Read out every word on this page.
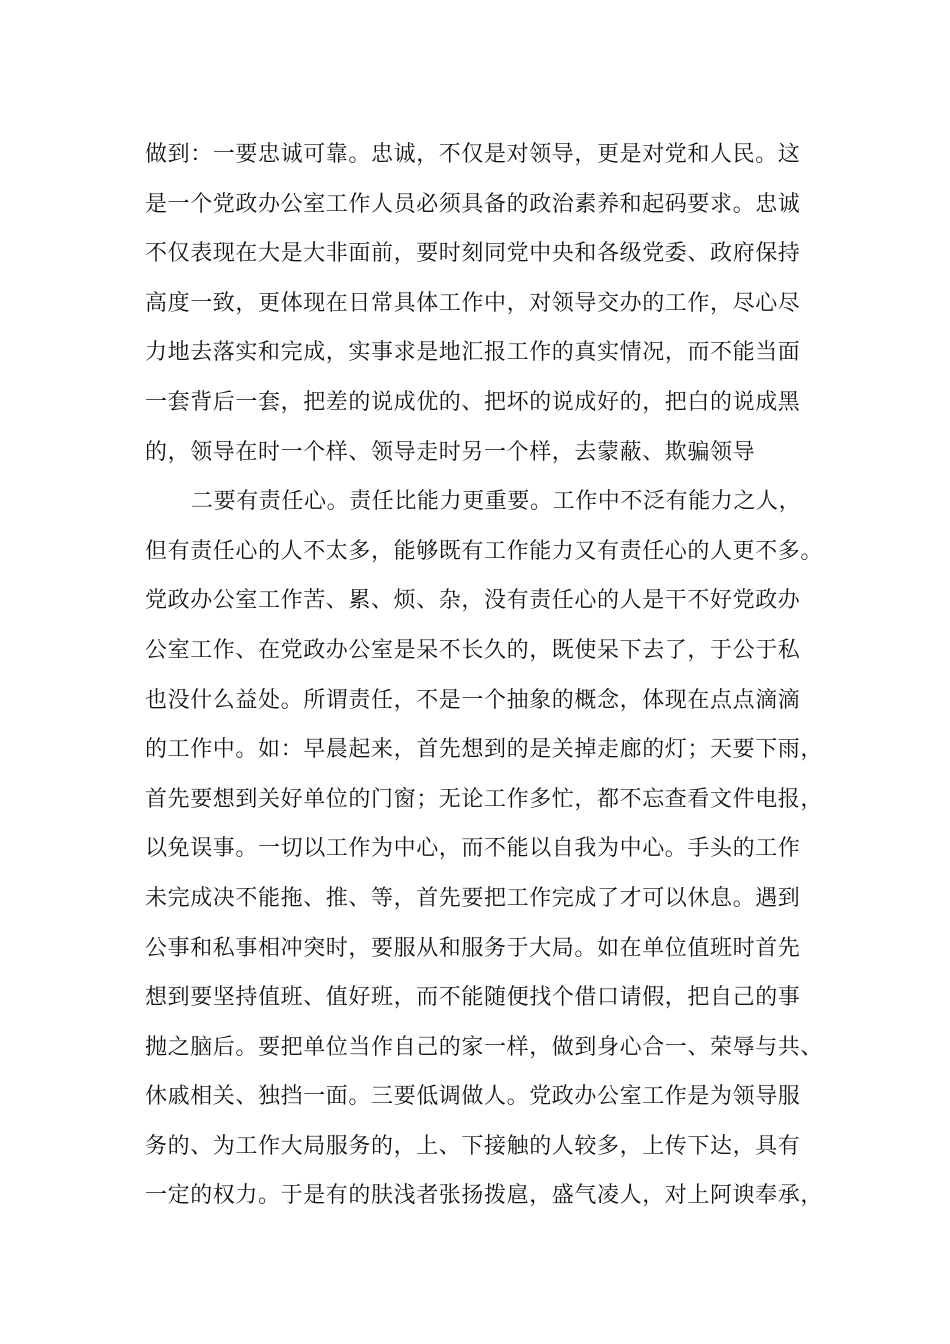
做到：一要忠诚可靠。忠诚，不仅是对领导，更是对党和人民。这
是一个党政办公室工作人员必须具备的政治素养和起码要求。忠诚
不仅表现在大是大非面前，要时刻同党中央和各级党委、政府保持
高度一致，更体现在日常具体工作中，对领导交办的工作，尽心尽
力地去落实和完成，实事求是地汇报工作的真实情况，而不能当面
一套背后一套，把差的说成优的、把坏的说成好的，把白的说成黑
的，领导在时一个样、领导走时另一个样，去蒙蔽、欺骗领导
二要有责任心。责任比能力更重要。工作中不泛有能力之人，
但有责任心的人不太多，能够既有工作能力又有责任心的人更不多。
党政办公室工作苦、累、烦、杂，没有责任心的人是干不好党政办
公室工作、在党政办公室是呆不长久的，既使呆下去了，于公于私
也没什么益处。所谓责任，不是一个抽象的概念，体现在点点滴滴
的工作中。如：早晨起来，首先想到的是关掉走廊的灯；天要下雨，
首先要想到关好单位的门窗；无论工作多忙，都不忘查看文件电报，
以免误事。一切以工作为中心，而不能以自我为中心。手头的工作
未完成决不能拖、推、等，首先要把工作完成了才可以休息。遇到
公事和私事相冲突时，要服从和服务于大局。如在单位值班时首先
想到要坚持值班、值好班，而不能随便找个借口请假，把自己的事
抛之脑后。要把单位当作自己的家一样，做到身心合一、荣辱与共、
休戚相关、独挡一面。三要低调做人。党政办公室工作是为领导服
务的、为工作大局服务的，上、下接触的人较多，上传下达，具有
一定的权力。于是有的肤浅者张扬拨扈，盛气凌人，对上阿谀奉承，
